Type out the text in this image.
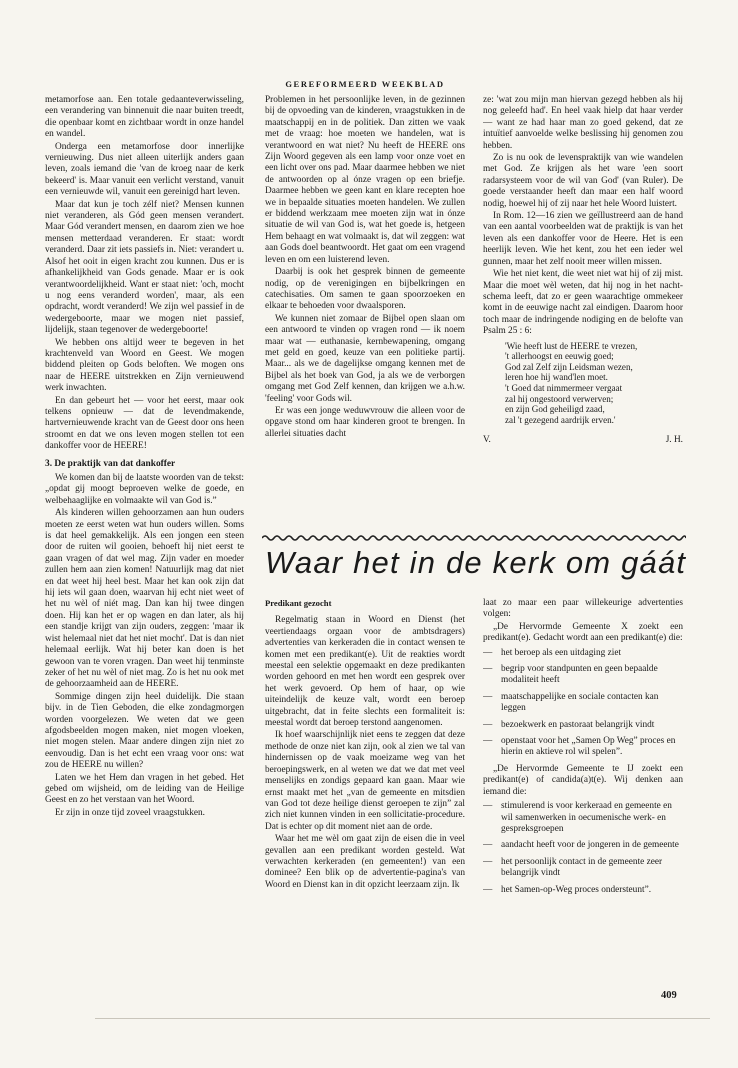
GEREFORMEERD WEEKBLAD

metamorfose aan. Een totale gedaanteverwisseling, een verandering van binnenuit die naar buiten treedt, die openbaar komt en zichtbaar wordt in onze handel en wandel.

Onderga een metamorfose door innerlijke vernieuwing. Dus niet alleen uiterlijk anders gaan leven, zoals iemand die 'van de kroeg naar de kerk bekeerd' is. Maar vanuit een verlicht verstand, vanuit een vernieuwde wil, vanuit een gereinigd hart leven.

Maar dat kun je toch zélf niet? Mensen kunnen niet veranderen, als Gód geen mensen verandert. Maar Gód verandert mensen, en daarom zien we hoe mensen metterdaad veranderen. Er staat: wordt veranderd. Daar zit iets passiefs in. Niet: verandert u. Alsof het ooit in eigen kracht zou kunnen. Dus er is afhankelijkheid van Gods genade. Maar er is ook verantwoordelijkheid. Want er staat niet: 'och, mocht u nog eens veranderd worden', maar, als een opdracht, wordt veranderd! We zijn wel passief in de wedergeboorte, maar we mogen niet passief, lijdelijk, staan tegenover de wedergeboorte!

We hebben ons altijd weer te begeven in het krachtenveld van Woord en Geest. We mogen biddend pleiten op Gods beloften. We mogen ons naar de HEERE uitstrekken en Zijn vernieuwend werk inwachten.

En dan gebeurt het — voor het eerst, maar ook telkens opnieuw — dat de levendmakende, hartvernieuwende kracht van de Geest door ons heen stroomt en dat we ons leven mogen stellen tot een dankoffer voor de HEERE!

3. De praktijk van dat dankoffer

We komen dan bij de laatste woorden van de tekst: „opdat gij moogt beproeven welke de goede, en welbehaaglijke en volmaakte wil van God is.”

Als kinderen willen gehoorzamen aan hun ouders moeten ze eerst weten wat hun ouders willen. Soms is dat heel gemakkelijk. Als een jongen een steen door de ruiten wil gooien, behoeft hij niet eerst te gaan vragen of dat wel mag. Zijn vader en moeder zullen hem aan zien komen! Natuurlijk mag dat niet en dat weet hij heel best. Maar het kan ook zijn dat hij iets wil gaan doen, waarvan hij echt niet weet of het nu wèl of niét mag. Dan kan hij twee dingen doen. Hij kan het er op wagen en dan later, als hij een standje krijgt van zijn ouders, zeggen: 'maar ik wist helemaal niet dat het niet mocht'. Dat is dan niet helemaal eerlijk. Wat hij beter kan doen is het gewoon van te voren vragen. Dan weet hij tenminste zeker of het nu wèl of niet mag. Zo is het nu ook met de gehoorzaamheid aan de HEERE.

Sommige dingen zijn heel duidelijk. Die staan bijv. in de Tien Geboden, die elke zondagmorgen worden voorgelezen. We weten dat we geen afgodsbeelden mogen maken, niet mogen vloeken, niet mogen stelen. Maar andere dingen zijn niet zo eenvoudig. Dan is het echt een vraag voor ons: wat zou de HEERE nu willen?

Laten we het Hem dan vragen in het gebed. Het gebed om wijsheid, om de leiding van de Heilige Geest en zo het verstaan van het Woord.

Er zijn in onze tijd zoveel vraagstukken.

Problemen in het persoonlijke leven, in de gezinnen bij de opvoeding van de kinderen, vraagstukken in de maatschappij en in de politiek. Dan zitten we vaak met de vraag: hoe moeten we handelen, wat is verantwoord en wat niet? Nu heeft de HEERE ons Zijn Woord gegeven als een lamp voor onze voet en een licht over ons pad. Maar daarmee hebben we niet de antwoorden op al ónze vragen op een briefje. Daarmee hebben we geen kant en klare recepten hoe we in bepaalde situaties moeten handelen. We zullen er biddend werkzaam mee moeten zijn wat in ónze situatie de wil van God is, wat het goede is, hetgeen Hem behaagt en wat volmaakt is, dat wil zeggen: wat aan Gods doel beantwoordt. Het gaat om een vragend leven en om een luisterend leven.

Daarbij is ook het gesprek binnen de gemeente nodig, op de verenigingen en bijbelkringen en catechisaties. Om samen te gaan spoorzoeken en elkaar te behoeden voor dwaalsporen.

We kunnen niet zomaar de Bijbel open slaan om een antwoord te vinden op vragen rond — ik noem maar wat — euthanasie, kernbewapening, omgang met geld en goed, keuze van een politieke partij. Maar... als we de dagelijkse omgang kennen met de Bijbel als het boek van God, ja als we de verborgen omgang met God Zelf kennen, dan krijgen we a.h.w. 'feeling' voor Gods wil.

Er was een jonge weduwvrouw die alleen voor de opgave stond om haar kinderen groot te brengen. In allerlei situaties dacht

ze: 'wat zou mijn man hiervan gezegd hebben als hij nog geleefd had'. En heel vaak hielp dat haar verder — want ze had haar man zo goed gekend, dat ze intuïtief aanvoelde welke beslissing hij genomen zou hebben.

Zo is nu ook de levenspraktijk van wie wandelen met God. Ze krijgen als het ware 'een soort radarsysteem voor de wil van God' (van Ruler). De goede verstaander heeft dan maar een half woord nodig, hoewel hij of zij naar het hele Woord luistert.

In Rom. 12—16 zien we geïllustreerd aan de hand van een aantal voorbeelden wat de praktijk is van het leven als een dankoffer voor de Heere. Het is een heerlijk leven. Wie het kent, zou het een ieder wel gunnen, maar het zelf nooit meer willen missen.

Wie het niet kent, die weet niet wat hij of zij mist. Maar die moet wèl weten, dat hij nog in het nacht-schema leeft, dat zo er geen waarachtige ommekeer komt in de eeuwige nacht zal eindigen. Daarom hoor toch maar de indringende nodiging en de belofte van Psalm 25 : 6:

'Wie heeft lust de HEERE te vrezen,
't allerhoogst en eeuwig goed;
God zal Zelf zijn Leidsman wezen,
leren hoe hij wand'len moet.
't Goed dat nimmermeer vergaat
zal hij ongestoord verwerven;
en zijn God geheiligd zaad,
zal 't gezegend aardrijk erven.'
V.	J. H.
Waar het in de kerk om gáát
Predikant gezocht

Regelmatig staan in Woord en Dienst (het veertiendaags orgaan voor de ambtsdragers) advertenties van kerkeraden die in contact wensen te komen met een predikant(e). Uit de reakties wordt meestal een selektie opgemaakt en deze predikanten worden gehoord en met hen wordt een gesprek over het werk gevoerd. Op hem of haar, op wie uiteindelijk de keuze valt, wordt een beroep uitgebracht, dat in feite slechts een formaliteit is: meestal wordt dat beroep terstond aangenomen.

Ik hoef waarschijnlijk niet eens te zeggen dat deze methode de onze niet kan zijn, ook al zien we tal van hindernissen op de vaak moeizame weg van het beroepingswerk, en al weten we dat we dat met veel menselijks en zondigs gepaard kan gaan. Maar wie ernst maakt met het „van de gemeente en mitsdien van God tot deze heilige dienst geroepen te zijn” zal zich niet kunnen vinden in een sollicitatie-procedure. Dat is echter op dit moment niet aan de orde.

Waar het me wèl om gaat zijn de eisen die in veel gevallen aan een predikant worden gesteld. Wat verwachten kerkeraden (en gemeenten!) van een dominee? Een blik op de advertentie-pagina's van Woord en Dienst kan in dit opzicht leerzaam zijn. Ik

laat zo maar een paar willekeurige advertenties volgen:

„De Hervormde Gemeente X zoekt een predikant(e). Gedacht wordt aan een predikant(e) die:

— het beroep als een uitdaging ziet
— begrip voor standpunten en geen bepaalde modaliteit heeft
— maatschappelijke en sociale contacten kan leggen
— bezoekwerk en pastoraat belangrijk vindt
— openstaat voor het „Samen Op Weg” proces en hierin en aktieve rol wil spelen”.

„De Hervormde Gemeente te IJ zoekt een predikant(e) of candida(a)t(e). Wij denken aan iemand die:

— stimulerend is voor kerkeraad en gemeente en wil samenwerken in oecumenische werk- en gespreksgroepen
— aandacht heeft voor de jongeren in de gemeente
— het persoonlijk contact in de gemeente zeer belangrijk vindt
— het Samen-op-Weg proces ondersteunt”.
409
